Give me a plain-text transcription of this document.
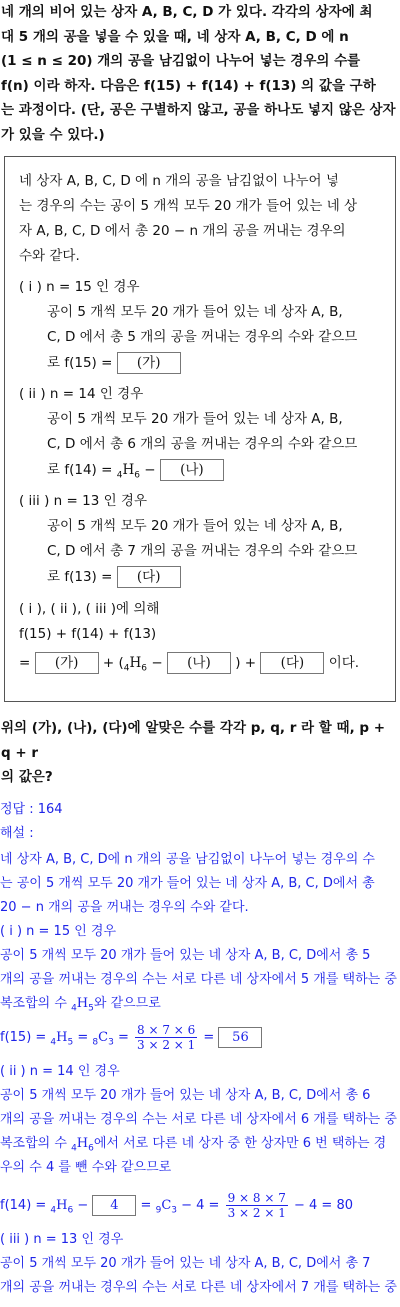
네 개의 비어 있는 상자 A, B, C, D 가 있다. 각각의 상자에 최
대 5 개의 공을 넣을 수 있을 때, 네 상자 A, B, C, D 에 n
(1 ≤ n ≤ 20) 개의 공을 남김없이 나누어 넣는 경우의 수를
f(n) 이라 하자. 다음은 f(15) + f(14) + f(13) 의 값을 구하
는 과정이다. (단, 공은 구별하지 않고, 공을 하나도 넣지 않은 상자
가 있을 수 있다.)
네 상자 A, B, C, D 에 n 개의 공을 남김없이 나누어 넣
는 경우의 수는 공이 5 개씩 모두 20 개가 들어 있는 네 상
자 A, B, C, D 에서 총 20 − n 개의 공을 꺼내는 경우의
수와 같다.
( i ) n = 15 인 경우
공이 5 개씩 모두 20 개가 들어 있는 네 상자 A, B,
C, D 에서 총 5 개의 공을 꺼내는 경우의 수와 같으므
로 f(15) = (가)
( ii ) n = 14 인 경우
공이 5 개씩 모두 20 개가 들어 있는 네 상자 A, B,
C, D 에서 총 6 개의 공을 꺼내는 경우의 수와 같으므
로 $f(14) = _4H_6$ − (나)
( iii ) n = 13 인 경우
공이 5 개씩 모두 20 개가 들어 있는 네 상자 A, B,
C, D 에서 총 7 개의 공을 꺼내는 경우의 수와 같으므
로 f(13) = (다)
( i ), ( ii ), ( iii )에 의해
f(15) + f(14) + f(13)
= (가) + ($_4H_6$ − (나) ) + (다) 이다.
위의 (가), (나), (다)에 알맞은 수를 각각 p, q, r 라 할 때, p + q + r
의 값은?
정답 : 164
해설 :
네 상자 A, B, C, D에 n 개의 공을 남김없이 나누어 넣는 경우의 수
는 공이 5 개씩 모두 20 개가 들어 있는 네 상자 A, B, C, D에서 총
20 − n 개의 공을 꺼내는 경우의 수와 같다.
( i ) n = 15 인 경우
공이 5 개씩 모두 20 개가 들어 있는 네 상자 A, B, C, D에서 총 5
개의 공을 꺼내는 경우의 수는 서로 다른 네 상자에서 5 개를 택하는 중
복조합의 수 $_4H_5$와 같으므로
$f(15) = _4H_5 = _8C_3 = \frac{8 \times 7 \times 6}{3 \times 2 \times 1} = 56$
( ii ) n = 14 인 경우
공이 5 개씩 모두 20 개가 들어 있는 네 상자 A, B, C, D에서 총 6
개의 공을 꺼내는 경우의 수는 서로 다른 네 상자에서 6 개를 택하는 중
복조합의 수 $_4H_6$에서 서로 다른 네 상자 중 한 상자만 6 번 택하는 경
우의 수 4 를 뺀 수와 같으므로
$f(14) = _4H_6 - 4 = _9C_3 - 4 = \frac{9 \times 8 \times 7}{3 \times 2 \times 1} - 4 = 80$
( iii ) n = 13 인 경우
공이 5 개씩 모두 20 개가 들어 있는 네 상자 A, B, C, D에서 총 7
개의 공을 꺼내는 경우의 수는 서로 다른 네 상자에서 7 개를 택하는 중
